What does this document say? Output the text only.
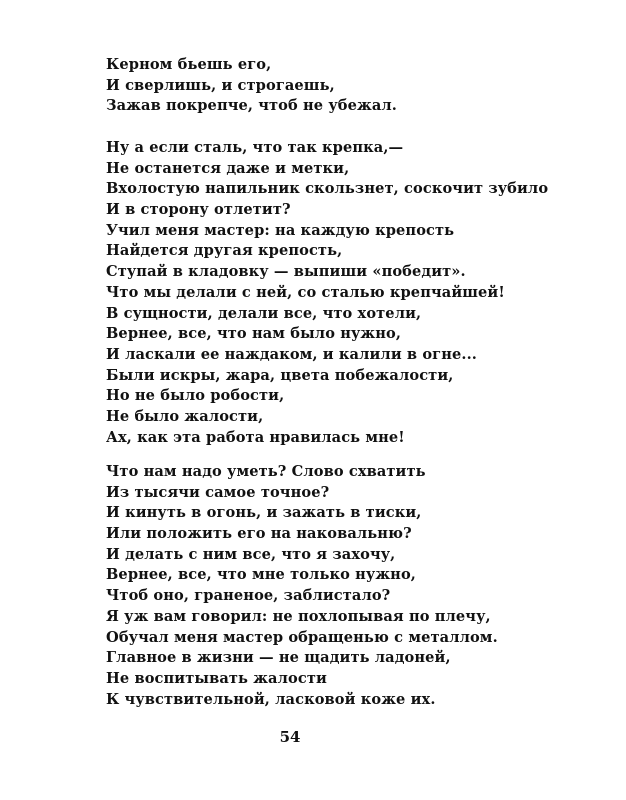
Керном бьешь его,
И сверлишь, и строгаешь,
Зажав покрепче, чтоб не убежал.
Ну а если сталь, что так крепка,—
Не останется даже и метки,
Вхолостую напильник скользнет, соскочит зубило
И в сторону отлетит?
Учил меня мастер: на каждую крепость
Найдется другая крепость,
Ступай в кладовку — выпиши «победит».
Что мы делали с ней, со сталью крепчайшей!
В сущности, делали все, что хотели,
Вернее, все, что нам было нужно,
И ласкали ее наждаком, и калили в огне...
Были искры, жара, цвета побежалости,
Но не было робости,
Не было жалости,
Ах, как эта работа нравилась мне!
Что нам надо уметь? Слово схватить
Из тысячи самое точное?
И кинуть в огонь, и зажать в тиски,
Или положить его на наковальню?
И делать с ним все, что я захочу,
Вернее, все, что мне только нужно,
Чтоб оно, граненое, заблистало?
Я уж вам говорил: не похлопывая по плечу,
Обучал меня мастер обращенью с металлом.
Главное в жизни — не щадить ладоней,
Не воспитывать жалости
К чувствительной, ласковой коже их.
54
